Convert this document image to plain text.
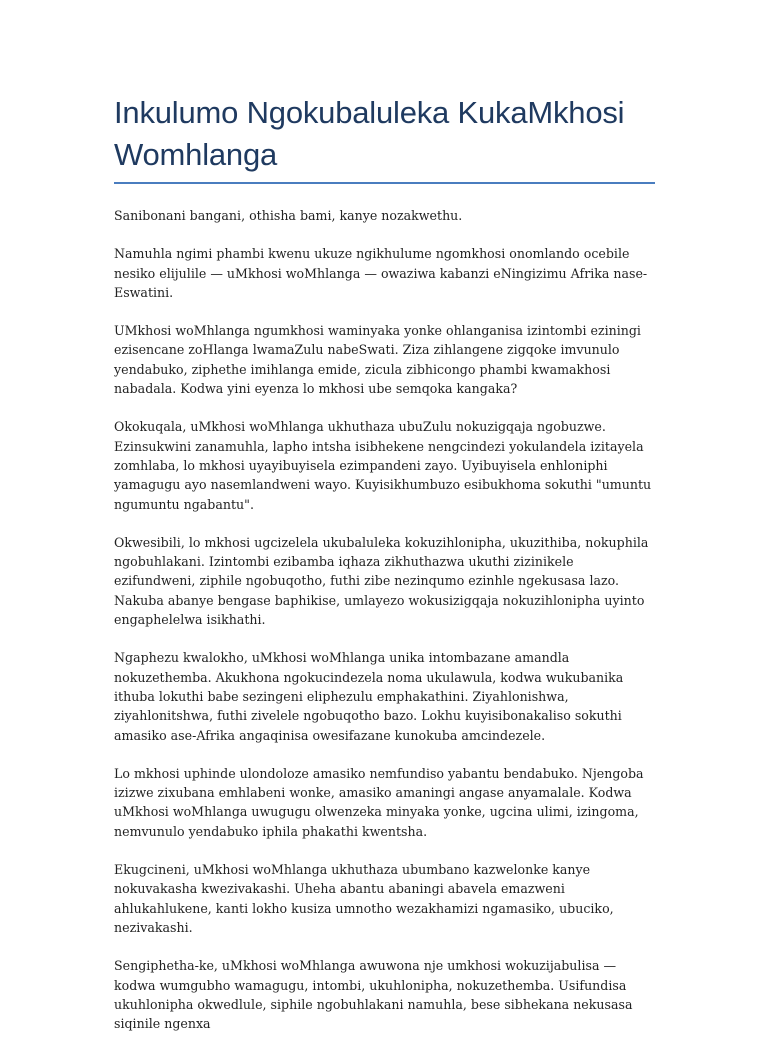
Inkulumo Ngokubaluleka KukaMkhosi Womhlanga

Sanibonani bangani, othisha bami, kanye nozakwethu.

Namuhla ngimi phambi kwenu ukuze ngikhulume ngomkhosi onomlando ocebile nesiko elijulile — uMkhosi woMhlanga — owaziwa kabanzi eNingizimu Afrika nase-Eswatini.

UMkhosi woMhlanga ngumkhosi waminyaka yonke ohlanganisa izintombi eziningi ezisencane zoHlanga lwamaZulu nabeSwati. Ziza zihlangene zigqoke imvunulo yendabuko, ziphethe imihlanga emide, zicula zibhicongo phambi kwamakhosi nabadala. Kodwa yini eyenza lo mkhosi ube semqoka kangaka?

Okokuqala, uMkhosi woMhlanga ukhuthaza ubuZulu nokuzigqaja ngobuzwe. Ezinsukwini zanamuhla, lapho intsha isibhekene nengcindezi yokulandela izitayela zomhlaba, lo mkhosi uyayibuyisela ezimpandeni zayo. Uyibuyisela enhloniphi yamagugu ayo nasemlandweni wayo. Kuyisikhumbuzo esibukhoma sokuthi "umuntu ngumuntu ngabantu".

Okwesibili, lo mkhosi ugcizelela ukubaluleka kokuzihlonipha, ukuzithiba, nokuphila ngobuhlakani. Izintombi ezibamba iqhaza zikhuthazwa ukuthi zizinikele ezifundweni, ziphile ngobuqotho, futhi zibe nezinqumo ezinhle ngekusasa lazo. Nakuba abanye bengase baphikise, umlayezo wokusizigqaja nokuzihlonipha uyinto engaphelelwa isikhathi.

Ngaphezu kwalokho, uMkhosi woMhlanga unika intombazane amandla nokuzethemba. Akukhona ngokucindezela noma ukulawula, kodwa wukubanika ithuba lokuthi babe sezingeni eliphezulu emphakathini. Ziyahlonishwa, ziyahlonitshwa, futhi zivelele ngobuqotho bazo. Lokhu kuyisibonakaliso sokuthi amasiko ase-Afrika angaqinisa owesifazane kunokuba amcindezele.

Lo mkhosi uphinde ulondoloze amasiko nemfundiso yabantu bendabuko. Njengoba izizwe zixubana emhlabeni wonke, amasiko amaningi angase anyamalale. Kodwa uMkhosi woMhlanga uwugugu olwenzeka minyaka yonke, ugcina ulimi, izingoma, nemvunulo yendabuko iphila phakathi kwentsha.

Ekugcineni, uMkhosi woMhlanga ukhuthaza ubumbano kazwelonke kanye nokuvakasha kwezivakashi. Uheha abantu abaningi abavela emazweni ahlukahlukene, kanti lokho kusiza umnotho wezakhamizi ngamasiko, ubuciko, nezivakashi.

Sengiphetha-ke, uMkhosi woMhlanga awuwona nje umkhosi wokuzijabulisa — kodwa wumgubho wamagugu, intombi, ukuhlonipha, nokuzethemba. Usifundisa ukuhlonipha okwedlule, siphile ngobuhlakani namuhla, bese sibhekana nekusasa siqinile ngenxa
